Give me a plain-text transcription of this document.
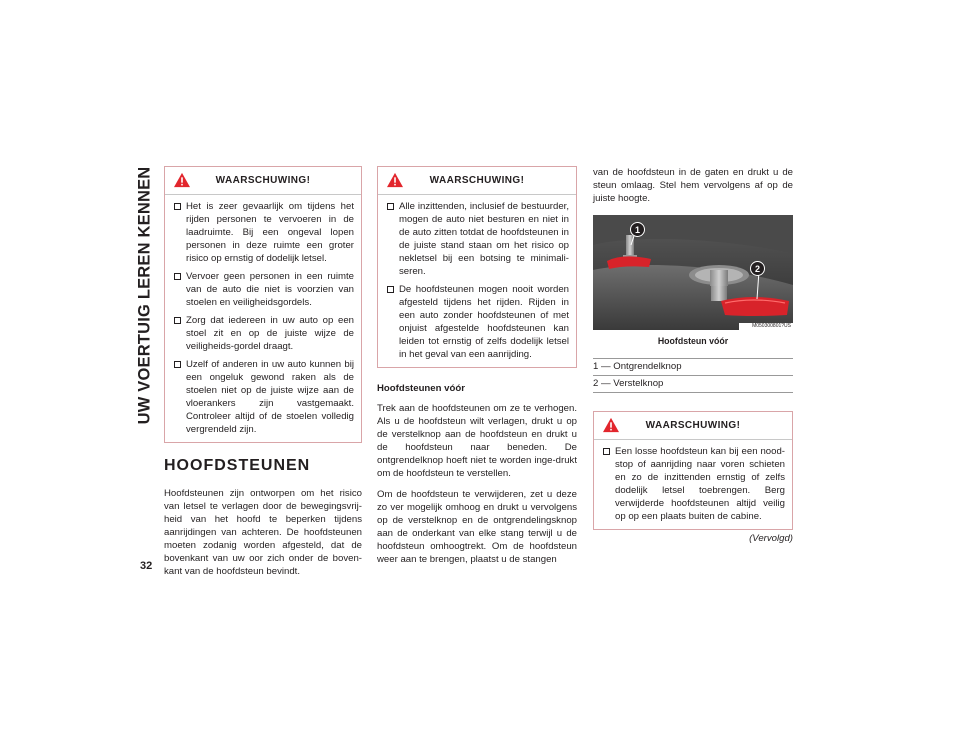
UW VOERTUIG LEREN KENNEN
32
WAARSCHUWING!
Het is zeer gevaarlijk om tijdens het rijden personen te vervoeren in de laadruimte. Bij een ongeval lopen personen in deze ruimte een groter risico op ernstig of dodelijk letsel.
Vervoer geen personen in een ruimte van de auto die niet is voorzien van stoelen en veiligheidsgordels.
Zorg dat iedereen in uw auto op een stoel zit en op de juiste wijze de veiligheids-gordel draagt.
Uzelf of anderen in uw auto kunnen bij een ongeluk gewond raken als de stoelen niet op de juiste wijze aan de vloerankers zijn vastgemaakt. Controleer altijd of de stoelen volledig vergrendeld zijn.
HOOFDSTEUNEN

Hoofdsteunen zijn ontworpen om het risico van letsel te verlagen door de bewegingsvrij-heid van het hoofd te beperken tijdens aanrijdingen van achteren. De hoofdsteunen moeten zodanig worden afgesteld, dat de bovenkant van uw oor zich onder de boven-kant van de hoofdsteun bevindt.

WAARSCHUWING!
Alle inzittenden, inclusief de bestuurder, mogen de auto niet besturen en niet in de auto zitten totdat de hoofdsteunen in de juiste stand staan om het risico op nekletsel bij een botsing te minimali-seren.
De hoofdsteunen mogen nooit worden afgesteld tijdens het rijden. Rijden in een auto zonder hoofdsteunen of met onjuist afgestelde hoofdsteunen kan leiden tot ernstig of zelfs dodelijk letsel in het geval van een aanrijding.
Hoofdsteunen vóór

Trek aan de hoofdsteunen om ze te verhogen. Als u de hoofdsteun wilt verlagen, drukt u op de verstelknop aan de hoofdsteun en drukt u de hoofdsteun naar beneden. De ontgrendelknop hoeft niet te worden inge-drukt om de hoofdsteun te verstellen.

Om de hoofdsteun te verwijderen, zet u deze zo ver mogelijk omhoog en drukt u vervolgens op de verstelknop en de ontgrendelingsknop aan de onderkant van elke stang terwijl u de hoofdsteun omhoogtrekt. Om de hoofdsteun weer aan te brengen, plaatst u de stangen

van de hoofdsteun in de gaten en drukt u de steun omlaag. Stel hem vervolgens af op de juiste hoogte.

1
2
M050300801?US
Hoofdsteun vóór
1 — Ontgrendelknop
2 — Verstelknop
WAARSCHUWING!
Een losse hoofdsteun kan bij een nood-stop of aanrijding naar voren schieten en zo de inzittenden ernstig of zelfs dodelijk letsel toebrengen. Berg verwijderde hoofdsteunen altijd veilig op op een plaats buiten de cabine.
(Vervolgd)
